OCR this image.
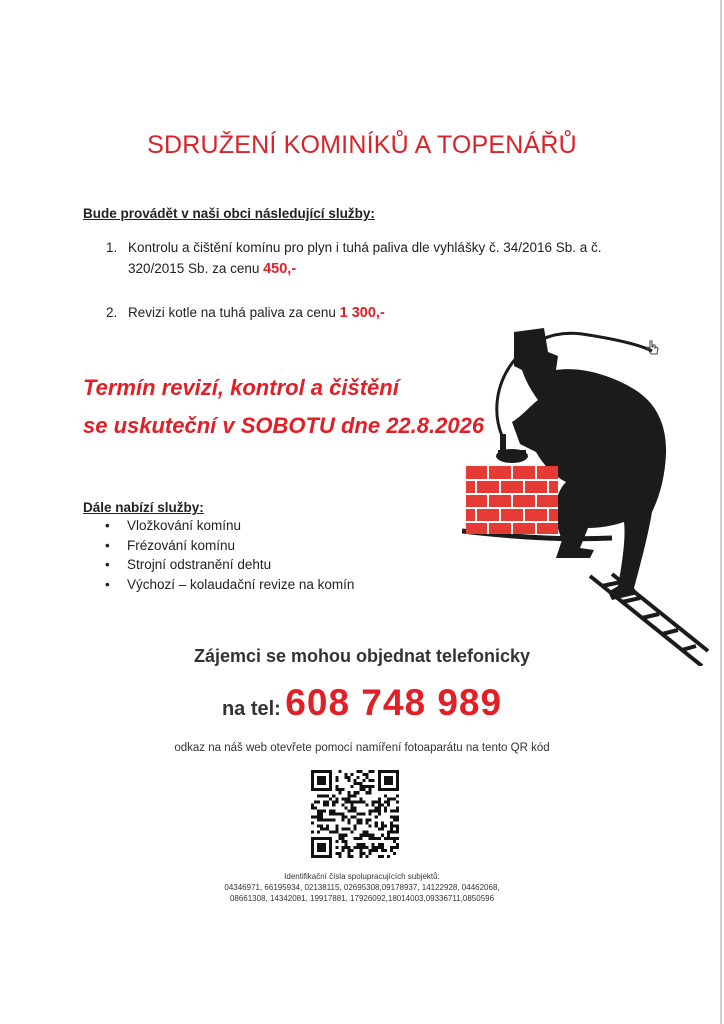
SDRUŽENÍ KOMINÍKŮ A TOPENÁŘŮ
Bude provádět v naši obci následující služby:
1. Kontrolu a čištění komínu pro plyn i tuhá paliva dle vyhlášky č. 34/2016 Sb. a č.
320/2015 Sb. za cenu 450,-
2. Revizi kotle na tuhá paliva za cenu 1 300,-
Termín revizí, kontrol a čištění
se uskuteční v SOBOTU dne 22.8.2026
Dále nabízí služby:
• Vložkování komínu
• Frézování komínu
• Strojní odstranění dehtu
• Výchozí – kolaudační revize na komín
Zájemci se mohou objednat telefonicky
na tel: 608 748 989
odkaz na náš web otevřete pomocí namíření fotoaparátu na tento QR kód
Identifikační čísla spolupracujících subjektů:
04346971, 66195934, 02138115, 02695308,09178937, 14122928, 04462068,
08661308, 14342081, 19917881, 17926092,18014003,09336711,0850596
